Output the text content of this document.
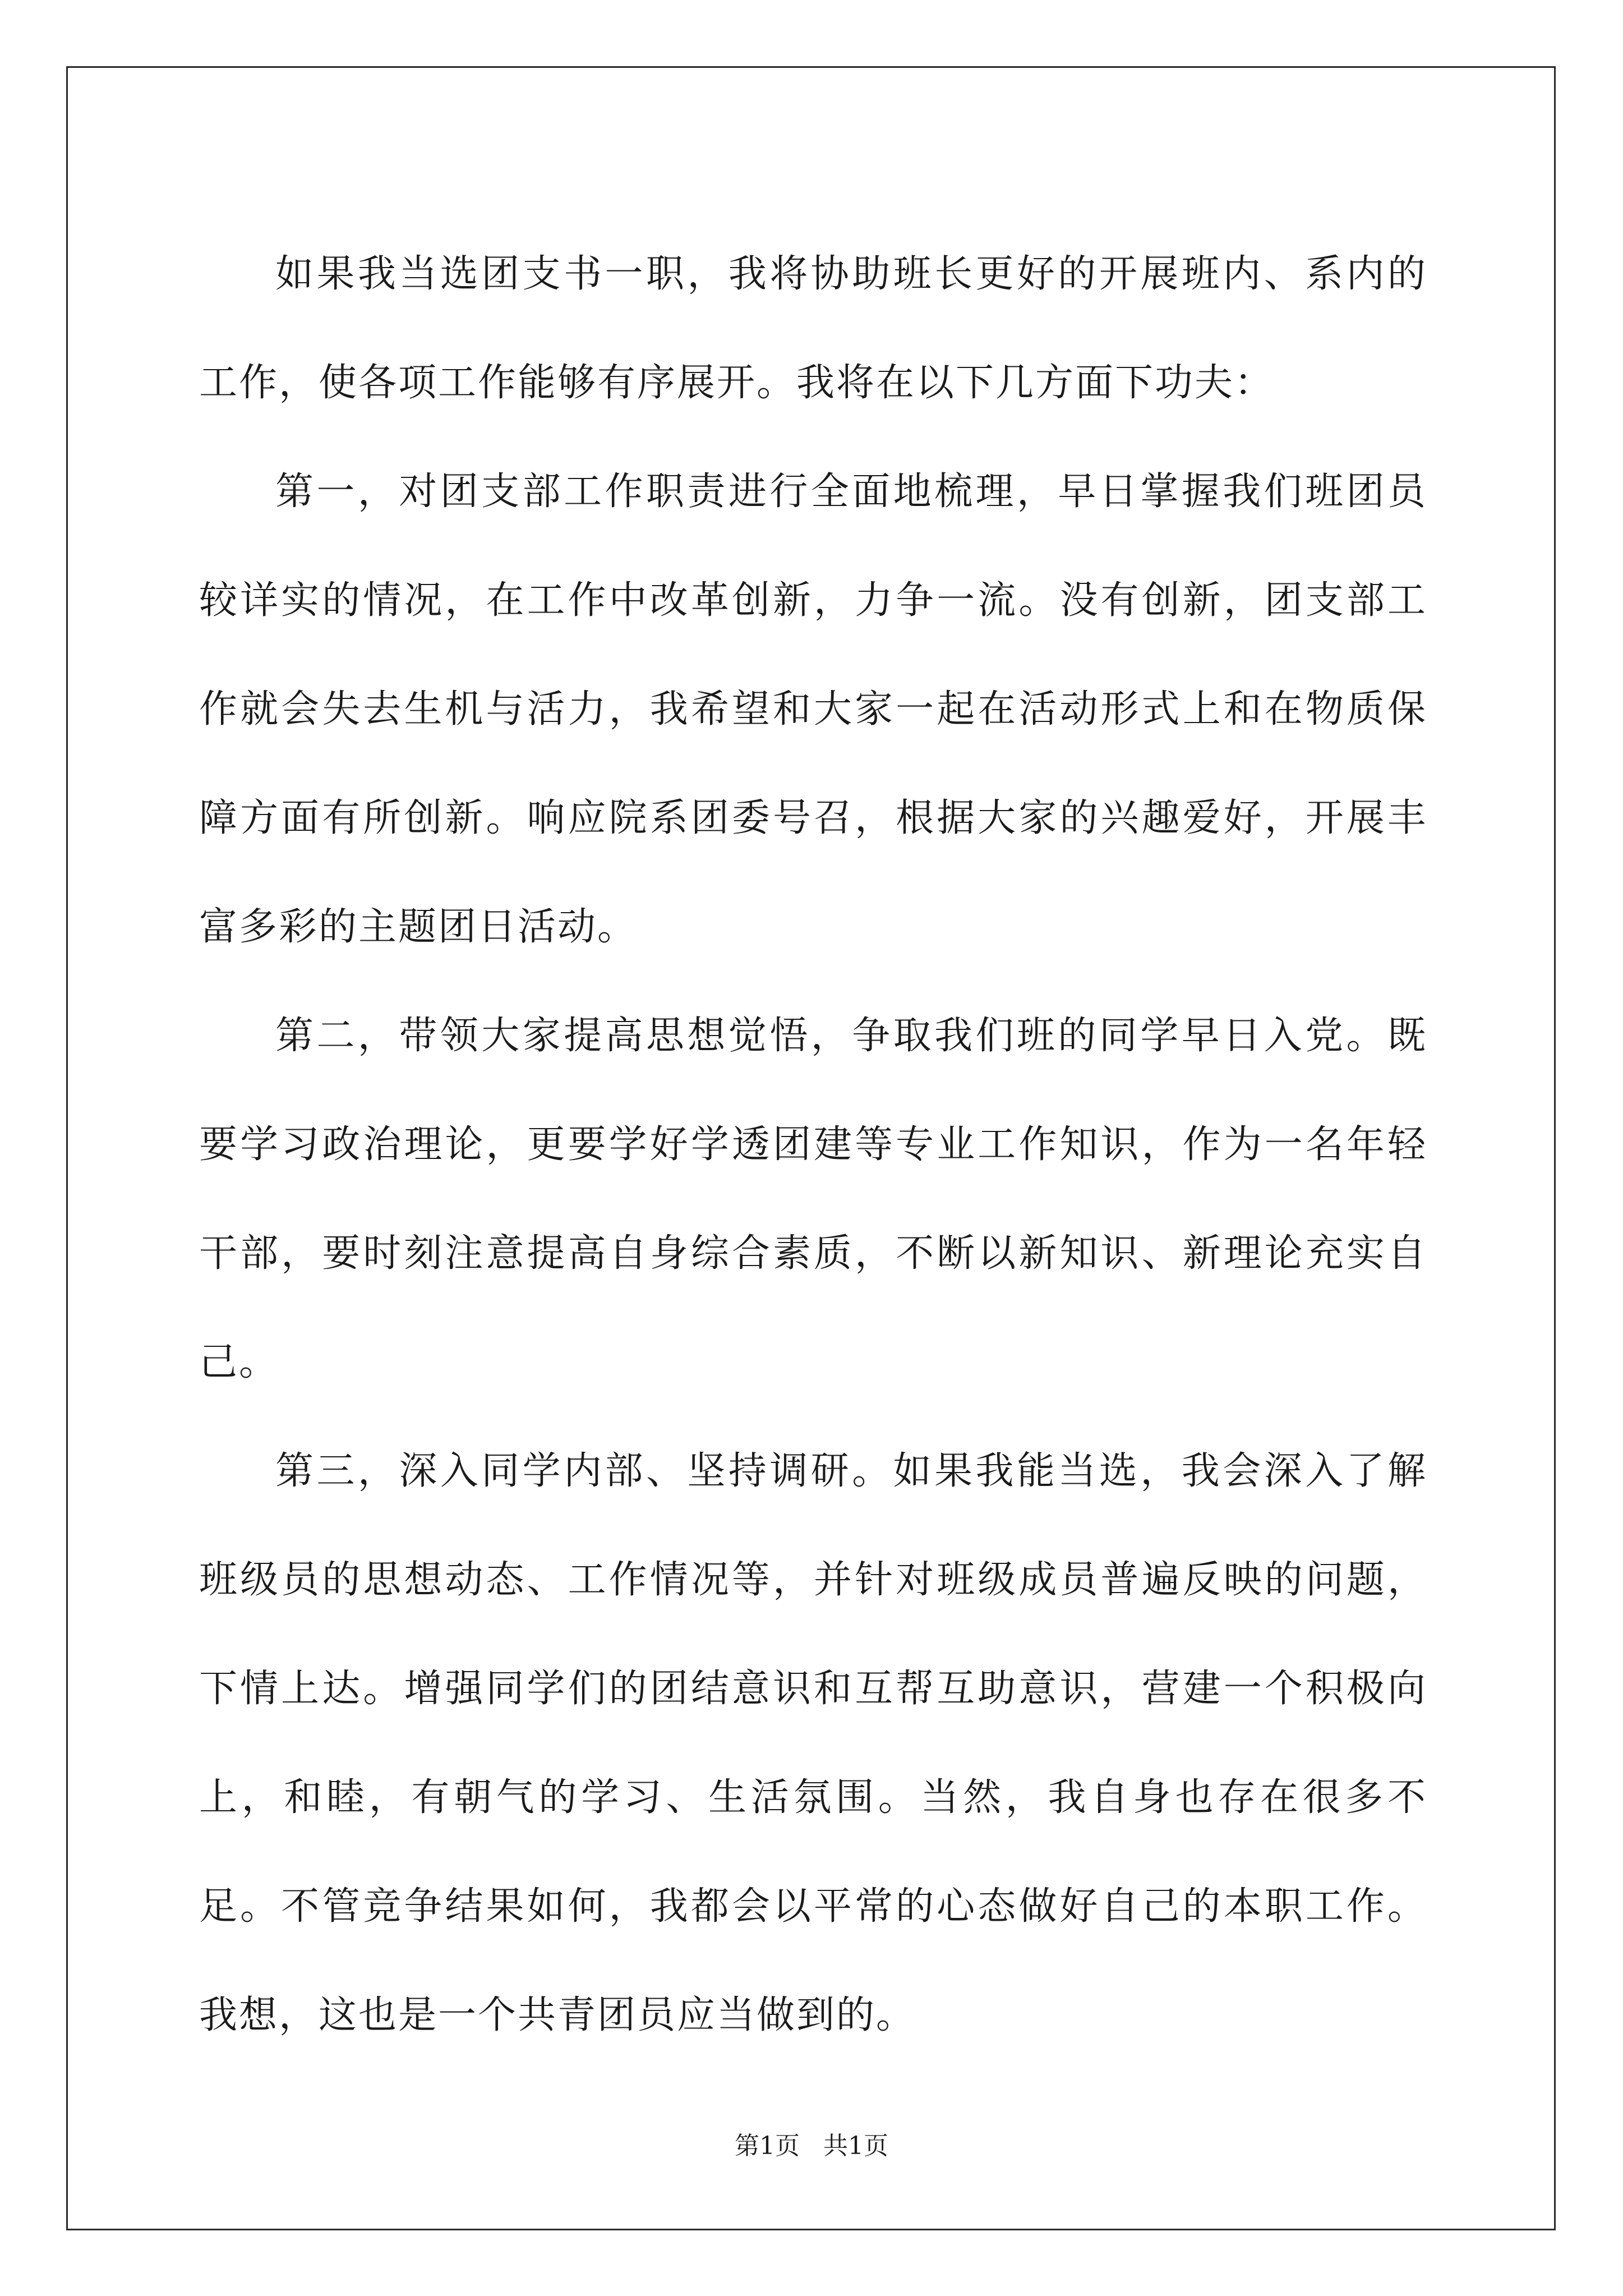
如果我当选团支书一职，我将协助班长更好的开展班内、系内的工作，使各项工作能够有序展开。我将在以下几方面下功夫：

第一，对团支部工作职责进行全面地梳理，早日掌握我们班团员较详实的情况，在工作中改革创新，力争一流。没有创新，团支部工作就会失去生机与活力，我希望和大家一起在活动形式上和在物质保障方面有所创新。响应院系团委号召，根据大家的兴趣爱好，开展丰富多彩的主题团日活动。

第二，带领大家提高思想觉悟，争取我们班的同学早日入党。既要学习政治理论，更要学好学透团建等专业工作知识，作为一名年轻干部，要时刻注意提高自身综合素质，不断以新知识、新理论充实自己。

第三，深入同学内部、坚持调研。如果我能当选，我会深入了解班级员的思想动态、工作情况等，并针对班级成员普遍反映的问题，下情上达。增强同学们的团结意识和互帮互助意识，营建一个积极向上，和睦，有朝气的学习、生活氛围。当然，我自身也存在很多不足。不管竞争结果如何，我都会以平常的心态做好自己的本职工作。我想，这也是一个共青团员应当做到的。

第1页 共1页
